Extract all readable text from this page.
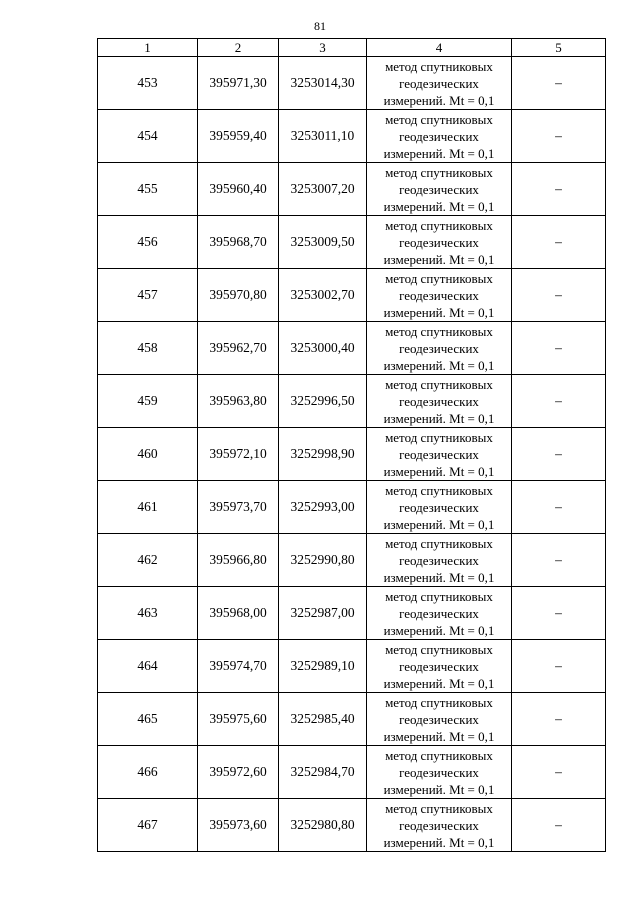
81
1	2	3	4	5
453	395971,30	3253014,30	метод спутниковых
геодезических
измерений. Mt = 0,1	–
454	395959,40	3253011,10	метод спутниковых
геодезических
измерений. Mt = 0,1	–
455	395960,40	3253007,20	метод спутниковых
геодезических
измерений. Mt = 0,1	–
456	395968,70	3253009,50	метод спутниковых
геодезических
измерений. Mt = 0,1	–
457	395970,80	3253002,70	метод спутниковых
геодезических
измерений. Mt = 0,1	–
458	395962,70	3253000,40	метод спутниковых
геодезических
измерений. Mt = 0,1	–
459	395963,80	3252996,50	метод спутниковых
геодезических
измерений. Mt = 0,1	–
460	395972,10	3252998,90	метод спутниковых
геодезических
измерений. Mt = 0,1	–
461	395973,70	3252993,00	метод спутниковых
геодезических
измерений. Mt = 0,1	–
462	395966,80	3252990,80	метод спутниковых
геодезических
измерений. Mt = 0,1	–
463	395968,00	3252987,00	метод спутниковых
геодезических
измерений. Mt = 0,1	–
464	395974,70	3252989,10	метод спутниковых
геодезических
измерений. Mt = 0,1	–
465	395975,60	3252985,40	метод спутниковых
геодезических
измерений. Mt = 0,1	–
466	395972,60	3252984,70	метод спутниковых
геодезических
измерений. Mt = 0,1	–
467	395973,60	3252980,80	метод спутниковых
геодезических
измерений. Mt = 0,1	–
